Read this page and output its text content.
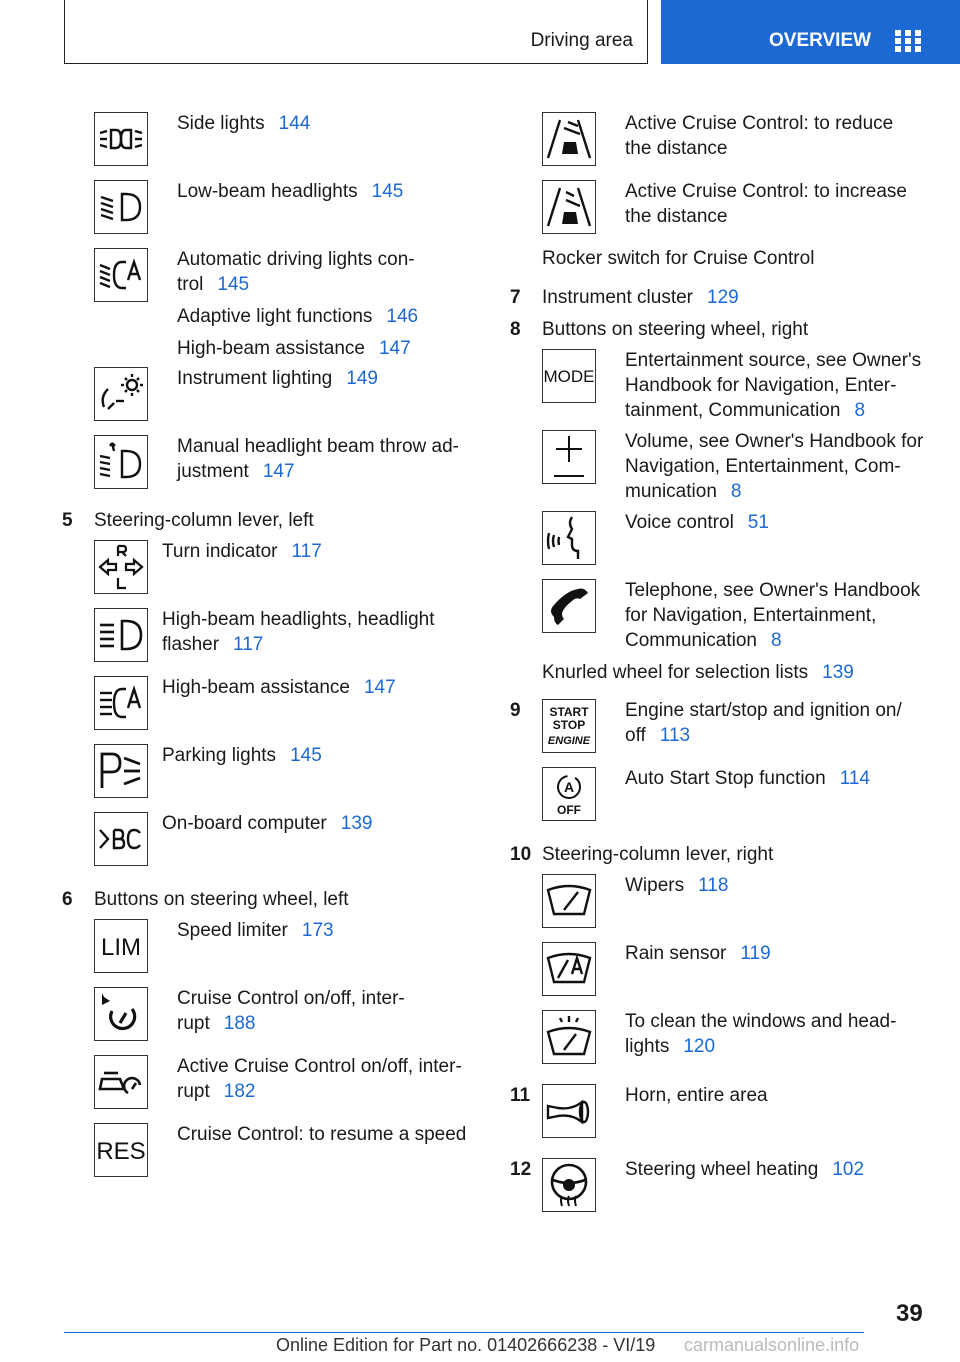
Driving area	OVERVIEW
Side lights 144
Low-beam headlights 145
Automatic driving lights con-
trol 145
Adaptive light functions 146
High-beam assistance 147
Instrument lighting 149
Manual headlight beam throw ad-
justment 147
5 Steering-column lever, left
Turn indicator 117
High-beam headlights, headlight
flasher 117
High-beam assistance 147
Parking lights 145
On-board computer 139
6 Buttons on steering wheel, left
LIM
Speed limiter 173
Cruise Control on/off, inter-
rupt 188
Active Cruise Control on/off, inter-
rupt 182
RES
Cruise Control: to resume a speed
Active Cruise Control: to reduce
the distance
Active Cruise Control: to increase
the distance
Rocker switch for Cruise Control
7 Instrument cluster 129
8 Buttons on steering wheel, right
MODE
Entertainment source, see Owner's
Handbook for Navigation, Enter-
tainment, Communication 8
Volume, see Owner's Handbook for
Navigation, Entertainment, Com-
munication 8
Voice control 51
Telephone, see Owner's Handbook
for Navigation, Entertainment,
Communication 8
Knurled wheel for selection lists 139
9 START
STOP
ENGINE
Engine start/stop and ignition on/
off 113
A
OFF
Auto Start Stop function 114
10 Steering-column lever, right
Wipers 118
Rain sensor 119
To clean the windows and head-
lights 120
11	Horn, entire area
12	Steering wheel heating 102
39
Online Edition for Part no. 01402666238 - VI/19 carmanualsonline.info
